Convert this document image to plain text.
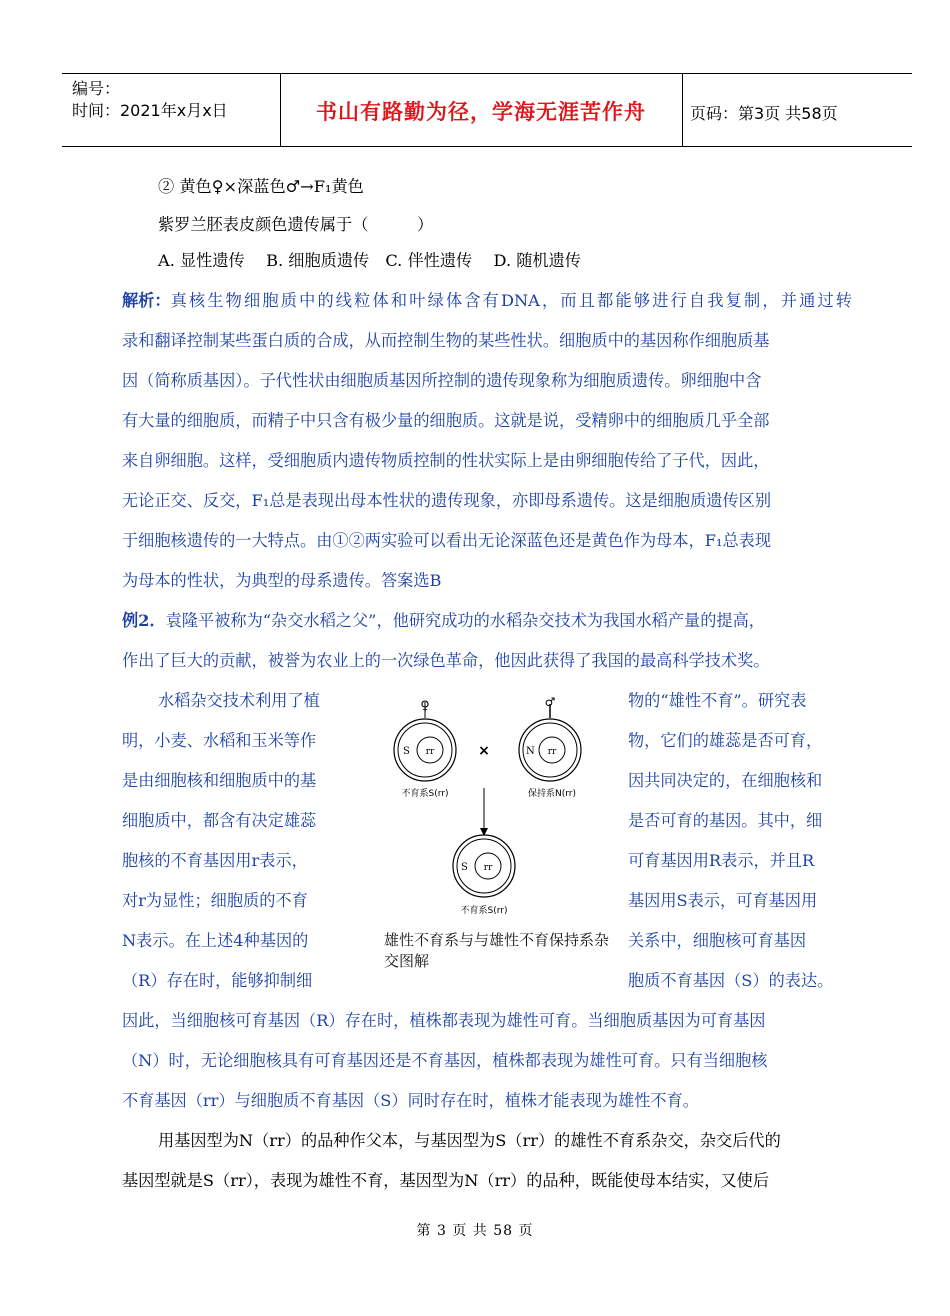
编号：
时间：2021年x月x日	书山有路勤为径，学海无涯苦作舟	页码：第3页 共58页
② 黄色♀×深蓝色♂→F₁黄色
紫罗兰胚表皮颜色遗传属于（　　　）
A. 显性遗传　 B. 细胞质遗传　C. 伴性遗传　 D. 随机遗传
解析： 真核生物细胞质中的线粒体和叶绿体含有DNA，而且都能够进行自我复制，并通过转
录和翻译控制某些蛋白质的合成，从而控制生物的某些性状。细胞质中的基因称作细胞质基
因（简称质基因）。子代性状由细胞质基因所控制的遗传现象称为细胞质遗传。卵细胞中含
有大量的细胞质，而精子中只含有极少量的细胞质。这就是说，受精卵中的细胞质几乎全部
来自卵细胞。这样，受细胞质内遗传物质控制的性状实际上是由卵细胞传给了子代，因此，
无论正交、反交，F₁总是表现出母本性状的遗传现象，亦即母系遗传。这是细胞质遗传区别
于细胞核遗传的一大特点。由①②两实验可以看出无论深蓝色还是黄色作为母本，F₁总表现
为母本的性状，为典型的母系遗传。答案选B
例2．袁隆平被称为“杂交水稻之父”，他研究成功的水稻杂交技术为我国水稻产量的提高，
作出了巨大的贡献，被誉为农业上的一次绿色革命，他因此获得了我国的最高科学技术奖。
水稻杂交技术利用了植
明，小麦、水稻和玉米等作
是由细胞核和细胞质中的基
细胞质中，都含有决定雄蕊
胞核的不育基因用r表示，
对r为显性；细胞质的不育
N表示。在上述4种基因的
（R）存在时，能够抑制细
物的“雄性不育”。研究表
物，它们的雄蕊是否可育，
因共同决定的，在细胞核和
是否可育的基因。其中，细
可育基因用R表示，并且R
基因用S表示，可育基因用
关系中，细胞核可育基因
胞质不育基因（S）的表达。
♀
S rr
不育系S(rr)
×
♂
N rr
保持系N(rr)
S rr
不育系S(rr)
雄性不育系与与雄性不育保持系杂交图解
因此，当细胞核可育基因（R）存在时，植株都表现为雄性可育。当细胞质基因为可育基因
（N）时，无论细胞核具有可育基因还是不育基因，植株都表现为雄性可育。只有当细胞核
不育基因（rr）与细胞质不育基因（S）同时存在时，植株才能表现为雄性不育。
用基因型为N（rr）的品种作父本，与基因型为S（rr）的雄性不育系杂交，杂交后代的
基因型就是S（rr），表现为雄性不育，基因型为N（rr）的品种，既能使母本结实，又使后
第 3 页 共 58 页
